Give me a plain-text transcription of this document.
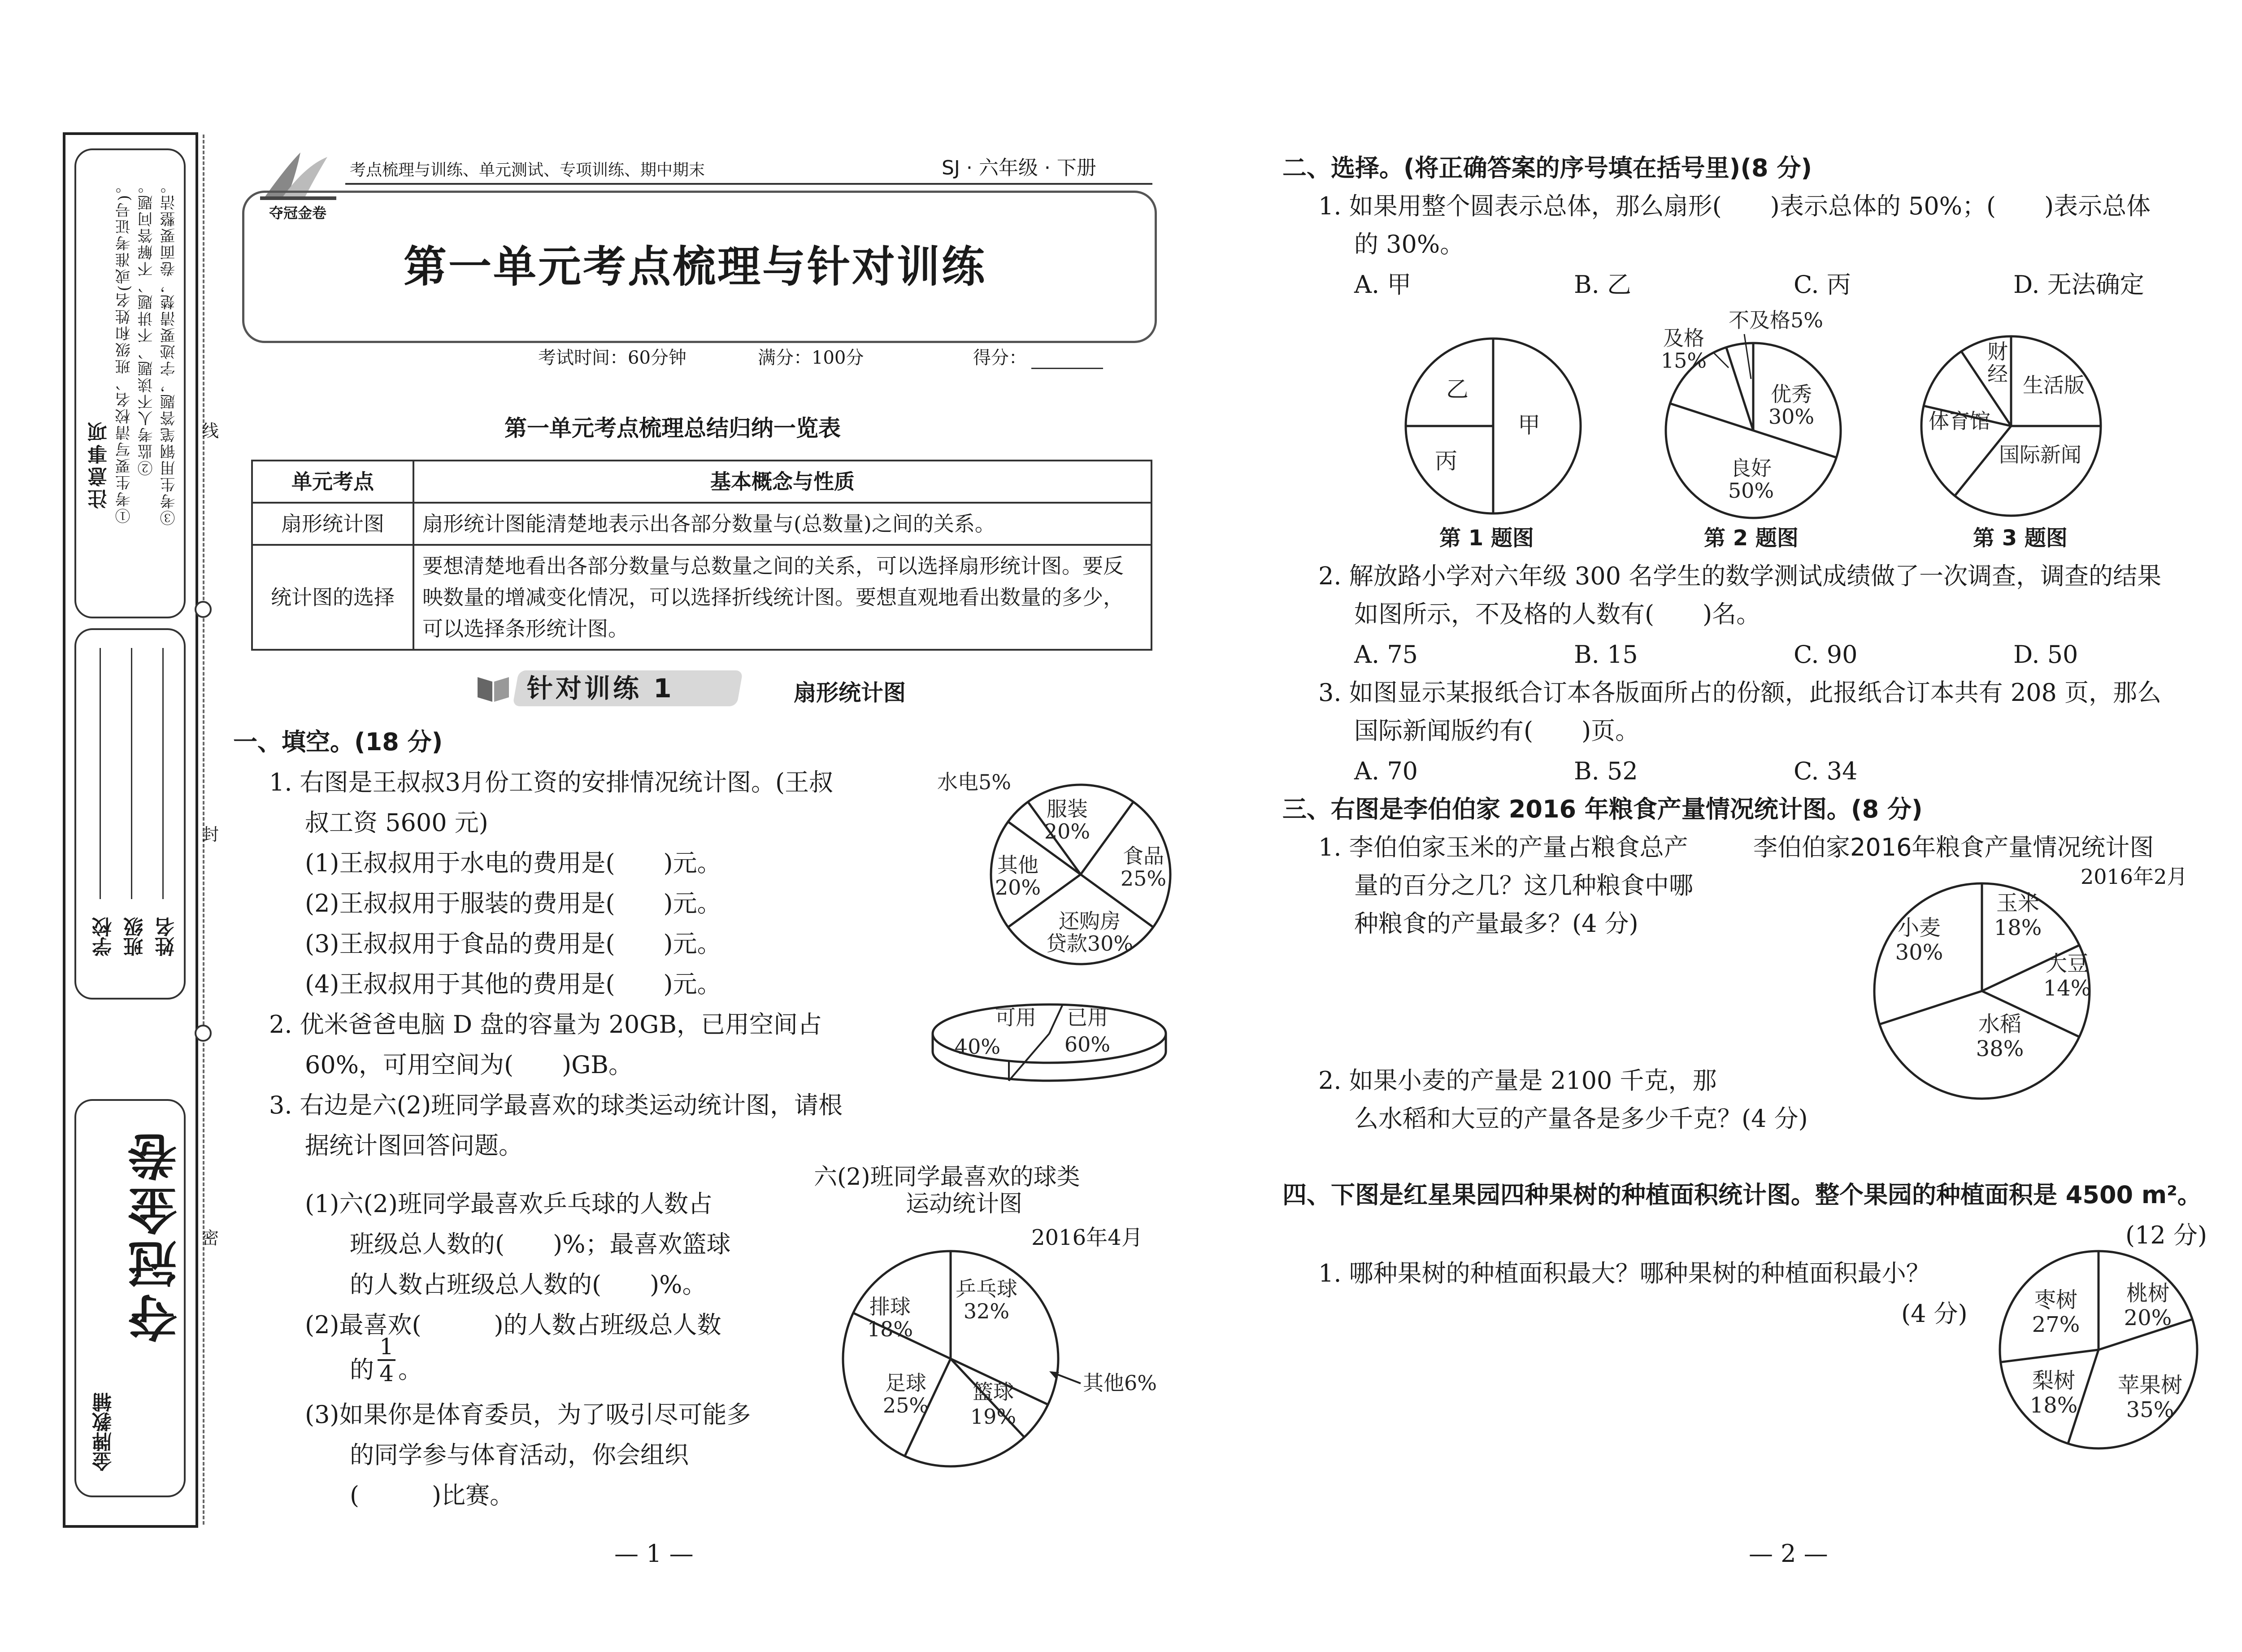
注意事项 ①考生要写清校名、班级和姓名(或准考证号)。 ②监考人不读题、不讲题、不解答问题。 ③考生用钢笔答题，字迹要清楚，卷面要整洁。
学校 班级 姓名
夺冠金卷
金牌教辅
线
封
密
夺冠金卷
考点梳理与训练、单元测试、专项训练、期中期末	SJ · 六年级 · 下册
第一单元考点梳理与针对训练
考试时间：60分钟	满分：100分	得分：
第一单元考点梳理总结归纳一览表
单元考点	基本概念与性质
扇形统计图	扇形统计图能清楚地表示出各部分数量与(总数量)之间的关系。
统计图的选择	要想清楚地看出各部分数量与总数量之间的关系，可以选择扇形统计图。要反映数量的增减变化情况，可以选择折线统计图。要想直观地看出数量的多少，可以选择条形统计图。
针对训练 1	扇形统计图
一、填空。(18 分)
1. 右图是王叔叔3月份工资的安排情况统计图。(王叔
叔工资 5600 元)
(1)王叔叔用于水电的费用是(　　)元。
(2)王叔叔用于服装的费用是(　　)元。
(3)王叔叔用于食品的费用是(　　)元。
(4)王叔叔用于其他的费用是(　　)元。
2. 优米爸爸电脑 D 盘的容量为 20GB，已用空间占
60%，可用空间为(　　)GB。
3. 右边是六(2)班同学最喜欢的球类运动统计图，请根
据统计图回答问题。
(1)六(2)班同学最喜欢乒乓球的人数占
班级总人数的(　　)%；最喜欢篮球
的人数占班级总人数的(　　)%。
(2)最喜欢(　　　)的人数占班级总人数
的 $\frac{1}{4}$ 。
(3)如果你是体育委员，为了吸引尽可能多
的同学参与体育活动，你会组织
(　　　)比赛。
水电5%
服装
20%
食品
25%
其他
20%
还购房
贷款30%
可用
40%
已用
60%
六(2)班同学最喜欢的球类
运动统计图
2016年4月
乒乓球
32%
排球
18%
足球
25%
篮球
19%
其他6%
— 1 —
二、选择。(将正确答案的序号填在括号里)(8 分)
1. 如果用整个圆表示总体，那么扇形(　　)表示总体的 50%；(　　)表示总体
的 30%。
A. 甲	B. 乙	C. 丙	D. 无法确定
甲
乙
丙
及格
15%
不及格5%
优秀
30%
良好
50%
财
经 生活版
体育馆
国际新闻
第 1 题图	第 2 题图	第 3 题图
2. 解放路小学对六年级 300 名学生的数学测试成绩做了一次调查，调查的结果
如图所示，不及格的人数有(　　)名。
A. 75	B. 15	C. 90	D. 50
3. 如图显示某报纸合订本各版面所占的份额，此报纸合订本共有 208 页，那么
国际新闻版约有(　　)页。
A. 70	B. 52	C. 34
三、右图是李伯伯家 2016 年粮食产量情况统计图。(8 分)
1. 李伯伯家玉米的产量占粮食总产
量的百分之几？这几种粮食中哪
种粮食的产量最多？(4 分)
2. 如果小麦的产量是 2100 千克，那
么水稻和大豆的产量各是多少千克？(4 分)
李伯伯家2016年粮食产量情况统计图
2016年2月
小麦
30%
玉米
18%
大豆
14%
水稻
38%
四、下图是红星果园四种果树的种植面积统计图。整个果园的种植面积是 4500 m²。
(12 分)
1. 哪种果树的种植面积最大？哪种果树的种植面积最小？
(4 分)
桃树
20%
苹果树
35%
梨树
18%
枣树
27%
— 2 —
